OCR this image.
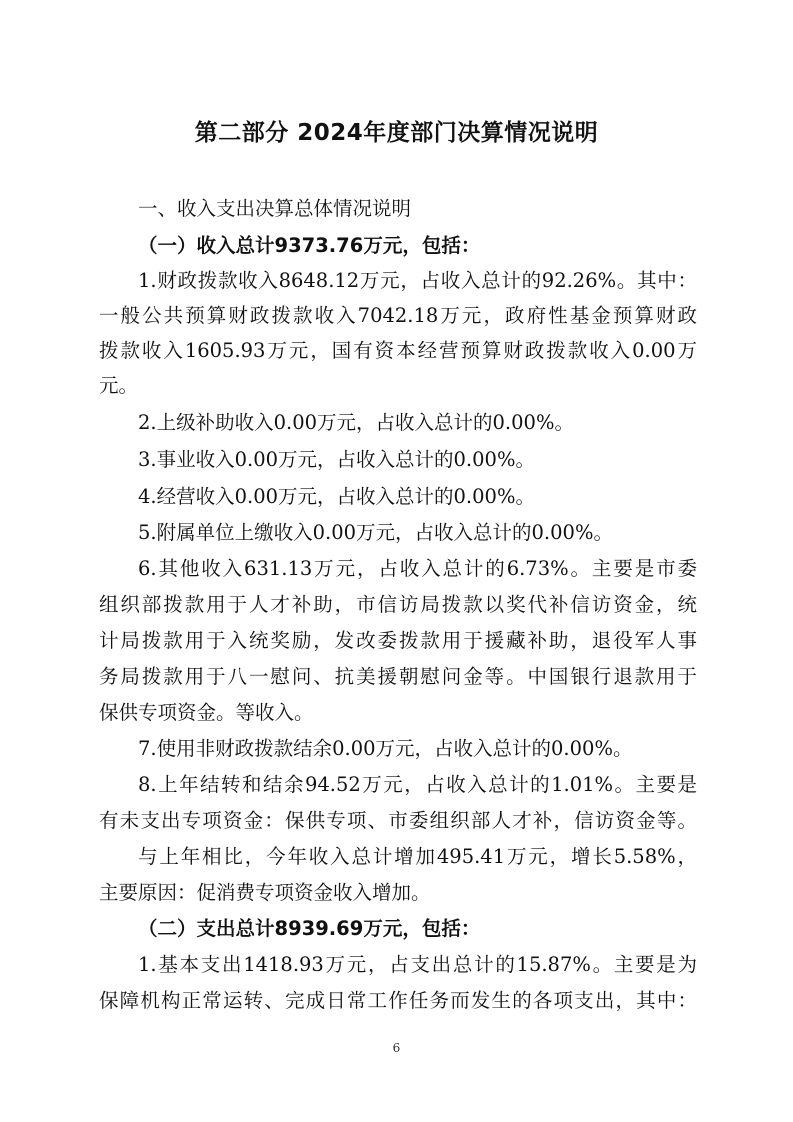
第二部分 2024年度部门决算情况说明
一、收入支出决算总体情况说明
（一）收入总计9373.76万元，包括：
1.财政拨款收入8648.12万元，占收入总计的92.26%。其中：
一般公共预算财政拨款收入7042.18万元，政府性基金预算财政
拨款收入1605.93万元，国有资本经营预算财政拨款收入0.00万
元。
2.上级补助收入0.00万元，占收入总计的0.00%。
3.事业收入0.00万元，占收入总计的0.00%。
4.经营收入0.00万元，占收入总计的0.00%。
5.附属单位上缴收入0.00万元，占收入总计的0.00%。
6.其他收入631.13万元，占收入总计的6.73%。主要是市委
组织部拨款用于人才补助，市信访局拨款以奖代补信访资金，统
计局拨款用于入统奖励，发改委拨款用于援藏补助，退役军人事
务局拨款用于八一慰问、抗美援朝慰问金等。中国银行退款用于
保供专项资金。等收入。
7.使用非财政拨款结余0.00万元，占收入总计的0.00%。
8.上年结转和结余94.52万元，占收入总计的1.01%。主要是
有未支出专项资金：保供专项、市委组织部人才补，信访资金等。
与上年相比，今年收入总计增加495.41万元，增长5.58%，
主要原因：促消费专项资金收入增加。
（二）支出总计8939.69万元，包括：
1.基本支出1418.93万元，占支出总计的15.87%。主要是为
保障机构正常运转、完成日常工作任务而发生的各项支出，其中：
6
